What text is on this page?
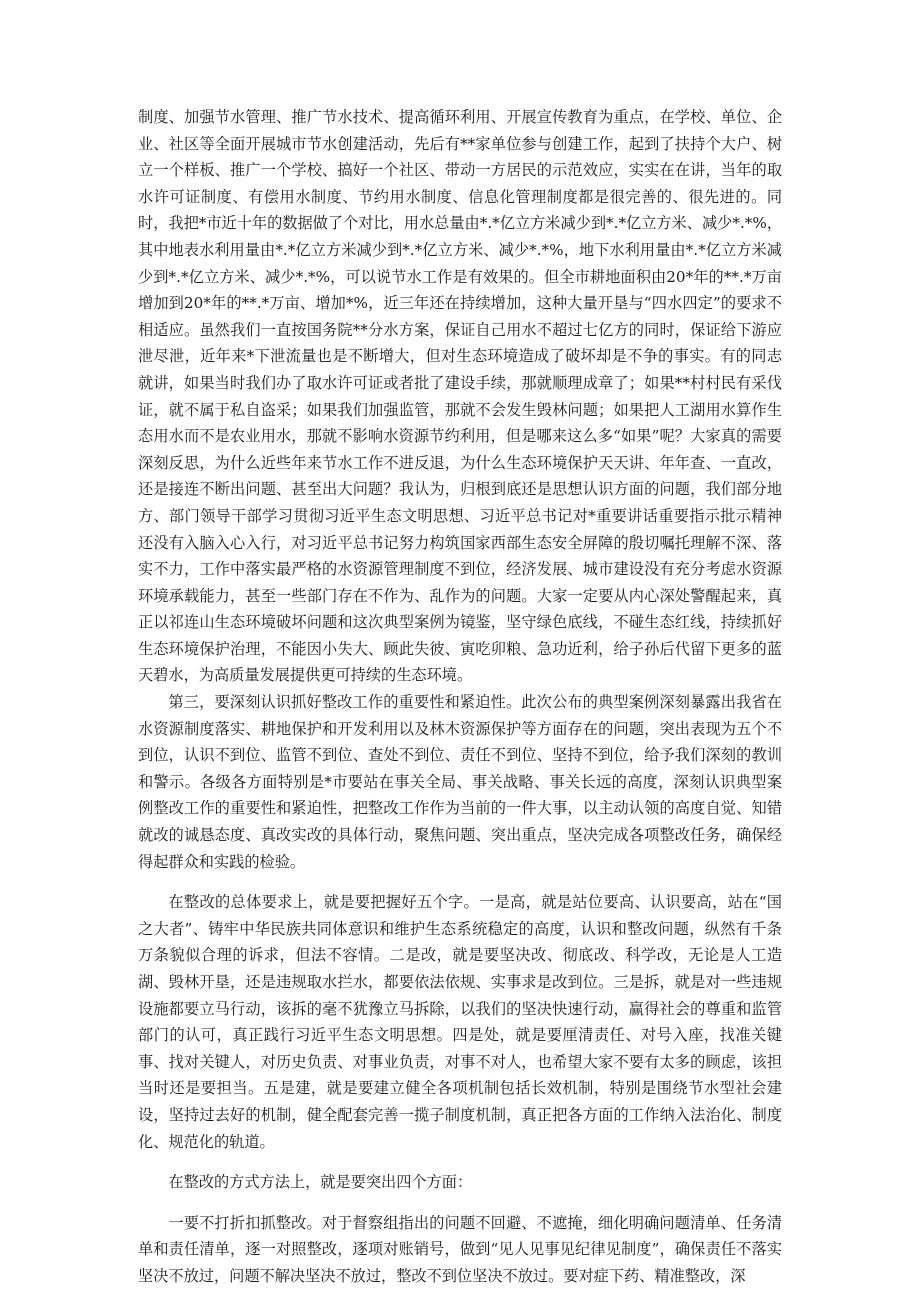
制度、加强节水管理、推广节水技术、提高循环利用、开展宣传教育为重点，在学校、单位、企业、社区等全面开展城市节水创建活动，先后有**家单位参与创建工作，起到了扶持个大户、树立一个样板、推广一个学校、搞好一个社区、带动一方居民的示范效应，实实在在讲，当年的取水许可证制度、有偿用水制度、节约用水制度、信息化管理制度都是很完善的、很先进的。同时，我把*市近十年的数据做了个对比，用水总量由*.*亿立方米减少到*.*亿立方米、减少*.*%，其中地表水利用量由*.*亿立方米减少到*.*亿立方米、减少*.*%，地下水利用量由*.*亿立方米减少到*.*亿立方米、减少*.*%，可以说节水工作是有效果的。但全市耕地面积由20*年的**.*万亩增加到20*年的**.*万亩、增加*%，近三年还在持续增加，这种大量开垦与“四水四定”的要求不相适应。虽然我们一直按国务院**分水方案，保证自己用水不超过七亿方的同时，保证给下游应泄尽泄，近年来*下泄流量也是不断增大，但对生态环境造成了破坏却是不争的事实。有的同志就讲，如果当时我们办了取水许可证或者批了建设手续，那就顺理成章了；如果**村村民有采伐证，就不属于私自盗采；如果我们加强监管，那就不会发生毁林问题；如果把人工湖用水算作生态用水而不是农业用水，那就不影响水资源节约利用，但是哪来这么多“如果”呢？大家真的需要深刻反思，为什么近些年来节水工作不进反退，为什么生态环境保护天天讲、年年查、一直改，还是接连不断出问题、甚至出大问题？我认为，归根到底还是思想认识方面的问题，我们部分地方、部门领导干部学习贯彻习近平生态文明思想、习近平总书记对*重要讲话重要指示批示精神还没有入脑入心入行，对习近平总书记努力构筑国家西部生态安全屏障的殷切嘱托理解不深、落实不力，工作中落实最严格的水资源管理制度不到位，经济发展、城市建设没有充分考虑水资源环境承载能力，甚至一些部门存在不作为、乱作为的问题。大家一定要从内心深处警醒起来，真正以祁连山生态环境破坏问题和这次典型案例为镜鉴，坚守绿色底线，不碰生态红线，持续抓好生态环境保护治理，不能因小失大、顾此失彼、寅吃卯粮、急功近利，给子孙后代留下更多的蓝天碧水，为高质量发展提供更可持续的生态环境。

第三，要深刻认识抓好整改工作的重要性和紧迫性。此次公布的典型案例深刻暴露出我省在水资源制度落实、耕地保护和开发利用以及林木资源保护等方面存在的问题，突出表现为五个不到位，认识不到位、监管不到位、查处不到位、责任不到位、坚持不到位，给予我们深刻的教训和警示。各级各方面特别是*市要站在事关全局、事关战略、事关长远的高度，深刻认识典型案例整改工作的重要性和紧迫性，把整改工作作为当前的一件大事，以主动认领的高度自觉、知错就改的诚恳态度、真改实改的具体行动，聚焦问题、突出重点，坚决完成各项整改任务，确保经得起群众和实践的检验。

在整改的总体要求上，就是要把握好五个字。一是高，就是站位要高、认识要高，站在“国之大者”、铸牢中华民族共同体意识和维护生态系统稳定的高度，认识和整改问题，纵然有千条万条貌似合理的诉求，但法不容情。二是改，就是要坚决改、彻底改、科学改，无论是人工造湖、毁林开垦，还是违规取水拦水，都要依法依规、实事求是改到位。三是拆，就是对一些违规设施都要立马行动，该拆的毫不犹豫立马拆除，以我们的坚决快速行动，赢得社会的尊重和监管部门的认可，真正践行习近平生态文明思想。四是处，就是要厘清责任、对号入座，找准关键事、找对关键人，对历史负责、对事业负责，对事不对人，也希望大家不要有太多的顾虑，该担当时还是要担当。五是建，就是要建立健全各项机制包括长效机制，特别是围绕节水型社会建设，坚持过去好的机制，健全配套完善一揽子制度机制，真正把各方面的工作纳入法治化、制度化、规范化的轨道。

在整改的方式方法上，就是要突出四个方面：

一要不打折扣抓整改。对于督察组指出的问题不回避、不遮掩，细化明确问题清单、任务清单和责任清单，逐一对照整改，逐项对账销号，做到“见人见事见纪律见制度”，确保责任不落实坚决不放过，问题不解决坚决不放过，整改不到位坚决不放过。要对症下药、精准整改，深
